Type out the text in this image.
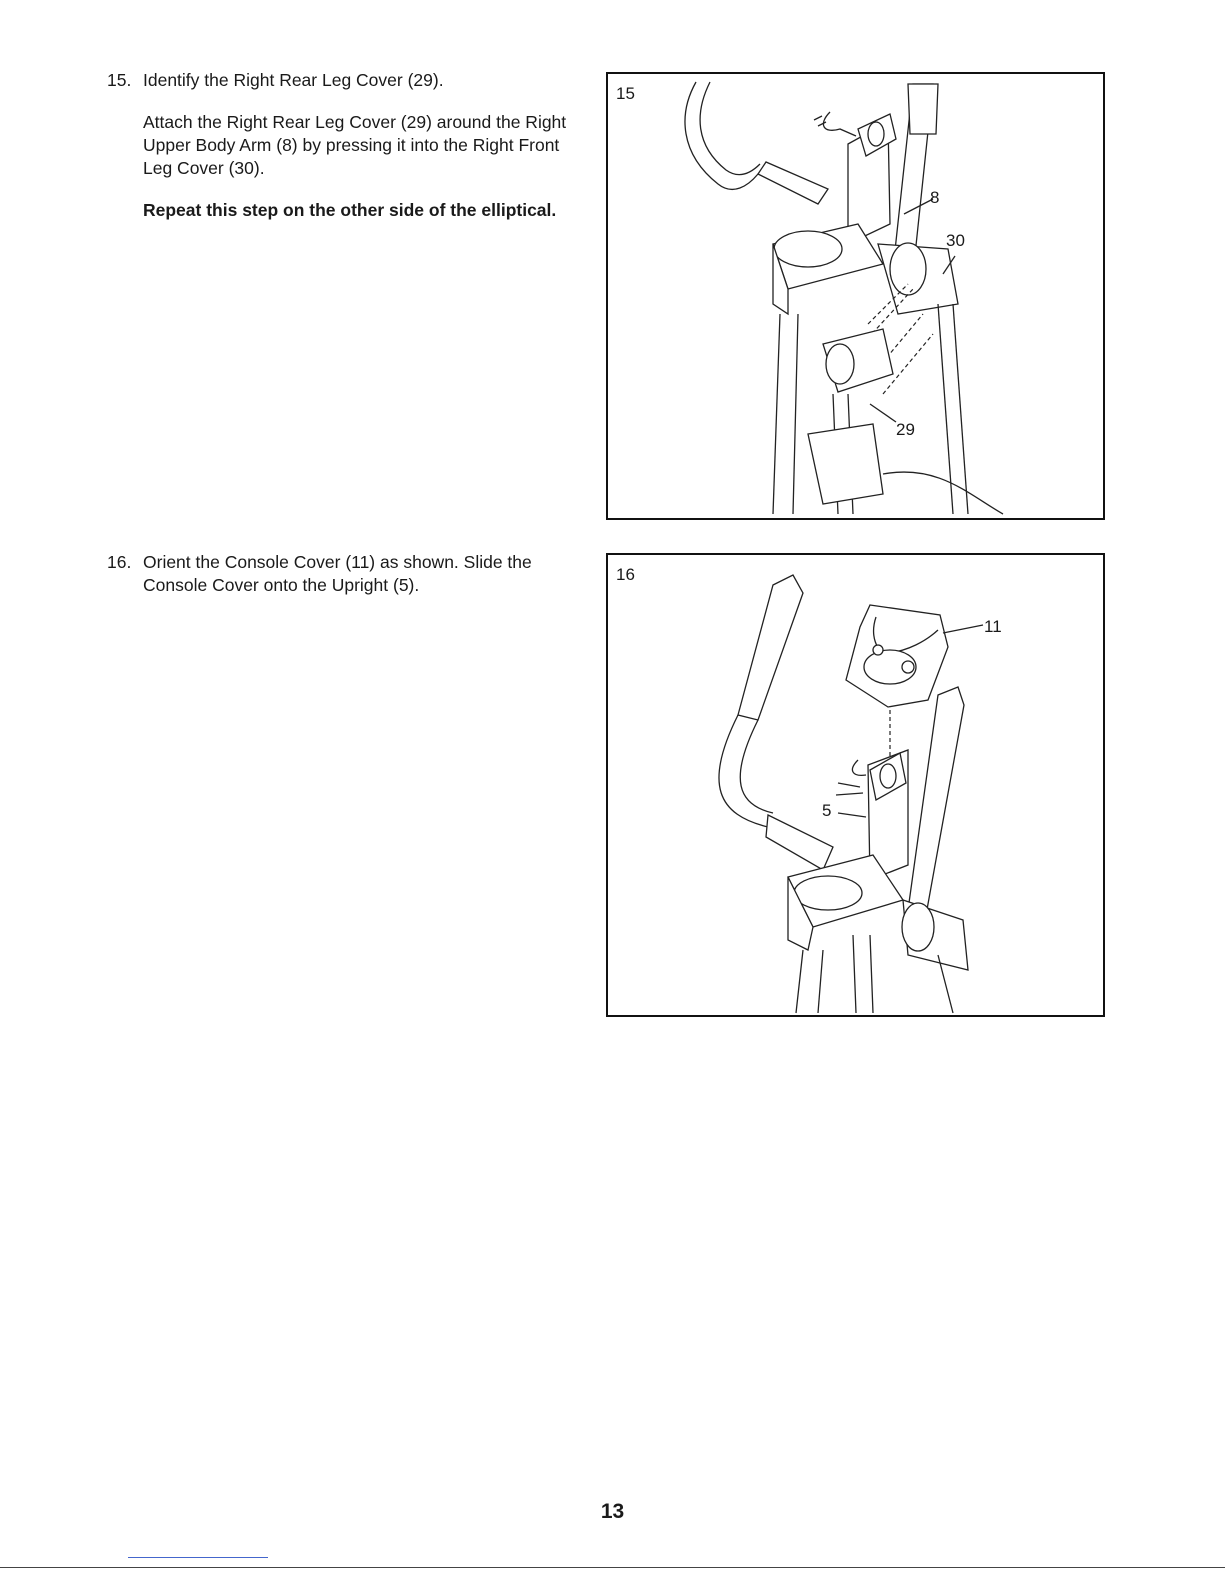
15. Identify the Right Rear Leg Cover (29).

Attach the Right Rear Leg Cover (29) around the Right Upper Body Arm (8) by pressing it into the Right Front Leg Cover (30).

Repeat this step on the other side of the elliptical.

16. Orient the Console Cover (11) as shown. Slide the Console Cover onto the Upright (5).

15
8
30
29
16
11
5
13
